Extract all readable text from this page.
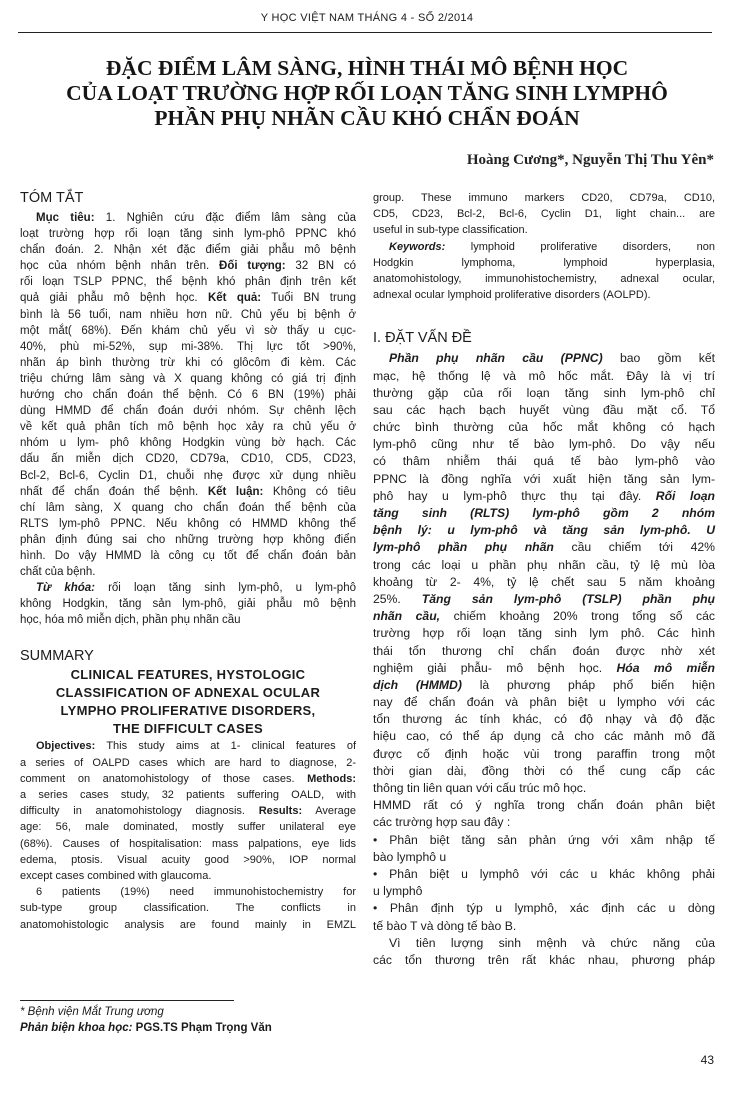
Y HỌC VIỆT NAM THÁNG 4 - SỐ 2/2014
ĐẶC ĐIỂM LÂM SÀNG, HÌNH THÁI MÔ BỆNH HỌC
CỦA LOẠT TRƯỜNG HỢP RỐI LOẠN TĂNG SINH LYMPHÔ
PHẦN PHỤ NHÃN CẦU KHÓ CHẨN ĐOÁN
Hoàng Cương*, Nguyễn Thị Thu Yên*
TÓM TẮT
Mục tiêu: 1. Nghiên cứu đặc điểm lâm sàng của
loạt trường hợp rối loạn tăng sinh lym-phô PPNC khó
chẩn đoán. 2. Nhận xét đặc điểm giải phẫu mô bệnh
học của nhóm bệnh nhân trên. Đối tượng: 32 BN có
rối loạn TSLP PPNC, thể bệnh khó phân định trên kết
quả giải phẫu mô bệnh học. Kết quả: Tuổi BN trung
bình là 56 tuổi, nam nhiều hơn nữ. Chủ yếu bị bệnh ở
một mắt( 68%). Đến khám chủ yếu vì sờ thấy u cục-
40%, phù mi-52%, sụp mi-38%. Thị lực tốt >90%,
nhãn áp bình thường trừ khi có glôcôm đi kèm. Các
triệu chứng lâm sàng và X quang không có giá trị định
hướng cho chẩn đoán thể bệnh. Có 6 BN (19%) phải
dùng HMMD để chẩn đoán dưới nhóm. Sự chênh lệch
về kết quả phân tích mô bệnh học xảy ra chủ yếu ở
nhóm u lym- phô không Hodgkin vùng bờ hạch. Các
dấu ấn miễn dịch CD20, CD79a, CD10, CD5, CD23,
Bcl-2, Bcl-6, Cyclin D1, chuỗi nhẹ được xử dụng nhiều
nhất để chẩn đoán thể bệnh. Kết luận: Không có tiêu
chí lâm sàng, X quang cho chẩn đoán thể bệnh của
RLTS lym-phô PPNC. Nếu không có HMMD không thể
phân định đúng sai cho những trường hợp không điển
hình. Do vậy HMMD là công cụ tốt để chẩn đoán bản
chất của bệnh.
Từ khóa: rối loạn tăng sinh lym-phô, u lym-phô
không Hodgkin, tăng sản lym-phô, giải phẫu mô bệnh
học, hóa mô miễn dịch, phần phụ nhãn cầu
SUMMARY
CLINICAL FEATURES, HYSTOLOGIC
CLASSIFICATION OF ADNEXAL OCULAR
LYMPHO PROLIFERATIVE DISORDERS,
THE DIFFICULT CASES
Objectives: This study aims at 1- clinical features of
a series of OALPD cases which are hard to diagnose, 2-
comment on anatomohistology of those cases. Methods:
a series cases study, 32 patients suffering OALD, with
difficulty in anatomohistology diagnosis. Results: Average
age: 56, male dominated, mostly suffer unilateral eye
(68%). Causes of hospitalisation: mass palpations, eye lids
edema, ptosis. Visual acuity good >90%, IOP normal
except cases combined with glaucoma.
6 patients (19%) need immunohistochemistry for
sub-type group classification. The conflicts in
anatomohistologic analysis are found mainly in EMZL
* Bệnh viện Mắt Trung ương
Phản biện khoa học: PGS.TS Phạm Trọng Văn
group. These immuno markers CD20, CD79a, CD10,
CD5, CD23, Bcl-2, Bcl-6, Cyclin D1, light chain... are
useful in sub-type classification.
Keywords: lymphoid proliferative disorders, non
Hodgkin lymphoma, lymphoid hyperplasia,
anatomohistology, immunohistochemistry, adnexal ocular,
adnexal ocular lymphoid proliferative disorders (AOLPD).
I. ĐẶT VẤN ĐỀ
Phần phụ nhãn cầu (PPNC) bao gồm kết
mạc, hệ thống lệ và mô hốc mắt. Đây là vị trí
thường gặp của rối loạn tăng sinh lym-phô chỉ
sau các hạch bạch huyết vùng đầu mặt cổ. Tổ
chức bình thường của hốc mắt không có hạch
lym-phô cũng như tế bào lym-phô. Do vậy nếu
có thâm nhiễm thái quá tế bào lym-phô vào
PPNC là đồng nghĩa với xuất hiện tăng sản lym-
phô hay u lym-phô thực thụ tại đây. Rối loạn
tăng sinh (RLTS) lym-phô gồm 2 nhóm
bệnh lý: u lym-phô và tăng sản lym-phô. U
lym-phô phần phụ nhãn cầu chiếm tới 42%
trong các loại u phần phụ nhãn cầu, tỷ lệ mù lòa
khoảng từ 2- 4%, tỷ lệ chết sau 5 năm khoảng
25%. Tăng sản lym-phô (TSLP) phần phụ
nhãn cầu, chiếm khoảng 20% trong tổng số các
trường hợp rối loạn tăng sinh lym phô. Các hình
thái tổn thương chỉ chẩn đoán được nhờ xét
nghiệm giải phẫu- mô bệnh học. Hóa mô miễn
dịch (HMMD) là phương pháp phổ biến hiện
nay để chẩn đoán và phân biệt u lympho với các
tổn thương ác tính khác, có độ nhạy và độ đặc
hiệu cao, có thể áp dụng cả cho các mảnh mô đã
được cố định hoặc vùi trong paraffin trong một
thời gian dài, đồng thời có thể cung cấp các
thông tin liên quan với cấu trúc mô học.
HMMD rất có ý nghĩa trong chẩn đoán phân biệt
các trường hợp sau đây :
• Phân biệt tăng sản phản ứng với xâm nhập tế
bào lymphô u
• Phân biệt u lymphô với các u khác không phải
u lymphô
• Phân định týp u lymphô, xác định các u dòng
tế bào T và dòng tế bào B.
Vì tiên lượng sinh mệnh và chức năng của
các tổn thương trên rất khác nhau, phương pháp
43
